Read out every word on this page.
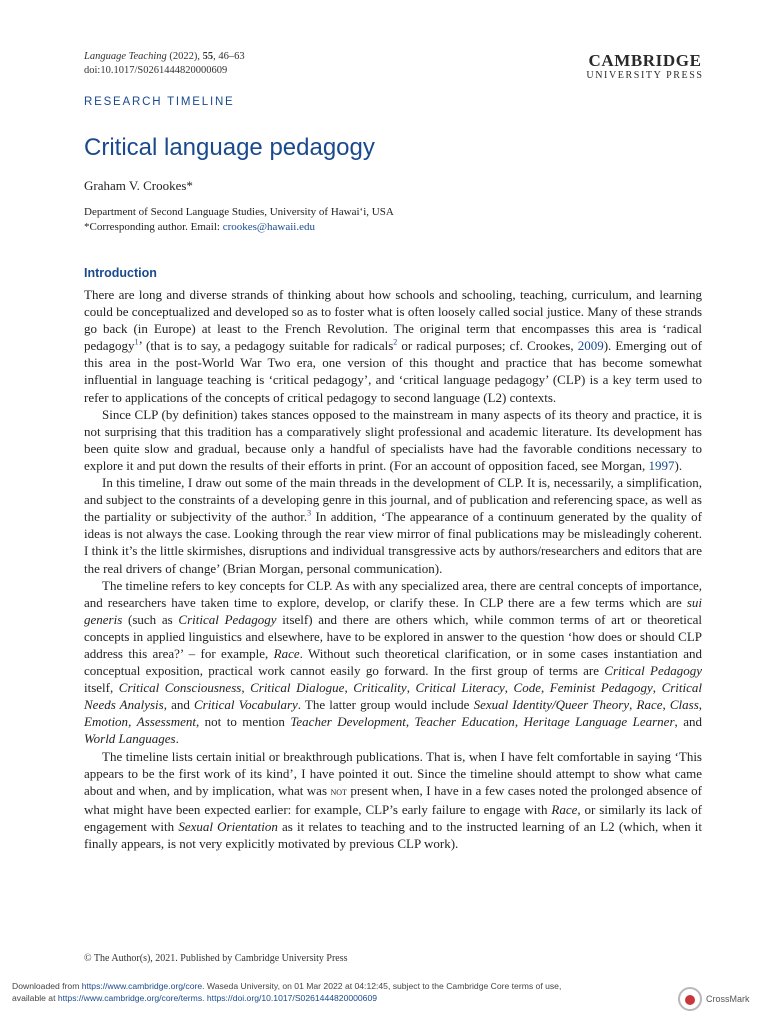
Language Teaching (2022), 55, 46–63
doi:10.1017/S0261444820000609
CAMBRIDGE
UNIVERSITY PRESS
RESEARCH TIMELINE
Critical language pedagogy
Graham V. Crookes*
Department of Second Language Studies, University of Hawai‘i, USA
*Corresponding author. Email: crookes@hawaii.edu
Introduction

There are long and diverse strands of thinking about how schools and schooling, teaching, curriculum, and learning could be conceptualized and developed so as to foster what is often loosely called social justice. Many of these strands go back (in Europe) at least to the French Revolution. The original term that encompasses this area is ‘radical pedagogy$^1$’ (that is to say, a pedagogy suitable for radicals$^2$ or radical purposes; cf. Crookes, 2009). Emerging out of this area in the post-World War Two era, one version of this thought and practice that has become somewhat influential in language teaching is ‘critical pedagogy’, and ‘critical language pedagogy’ (CLP) is a key term used to refer to applications of the concepts of critical pedagogy to second language (L2) contexts.

Since CLP (by definition) takes stances opposed to the mainstream in many aspects of its theory and practice, it is not surprising that this tradition has a comparatively slight professional and academic literature. Its development has been quite slow and gradual, because only a handful of specialists have had the favorable conditions necessary to explore it and put down the results of their efforts in print. (For an account of opposition faced, see Morgan, 1997).

In this timeline, I draw out some of the main threads in the development of CLP. It is, necessarily, a simplification, and subject to the constraints of a developing genre in this journal, and of publication and referencing space, as well as the partiality or subjectivity of the author.$^3$ In addition, ‘The appearance of a continuum generated by the quality of ideas is not always the case. Looking through the rear view mirror of final publications may be misleadingly coherent. I think it’s the little skirmishes, disruptions and individual transgressive acts by authors/researchers and editors that are the real drivers of change’ (Brian Morgan, personal communication).

The timeline refers to key concepts for CLP. As with any specialized area, there are central concepts of importance, and researchers have taken time to explore, develop, or clarify these. In CLP there are a few terms which are sui generis (such as Critical Pedagogy itself) and there are others which, while common terms of art or theoretical concepts in applied linguistics and elsewhere, have to be explored in answer to the question ‘how does or should CLP address this area?’ – for example, Race. Without such theoretical clarification, or in some cases instantiation and conceptual exposition, practical work cannot easily go forward. In the first group of terms are Critical Pedagogy itself, Critical Consciousness, Critical Dialogue, Criticality, Critical Literacy, Code, Feminist Pedagogy, Critical Needs Analysis, and Critical Vocabulary. The latter group would include Sexual Identity/Queer Theory, Race, Class, Emotion, Assessment, not to mention Teacher Development, Teacher Education, Heritage Language Learner, and World Languages.

The timeline lists certain initial or breakthrough publications. That is, when I have felt comfortable in saying ‘This appears to be the first work of its kind’, I have pointed it out. Since the timeline should attempt to show what came about and when, and by implication, what was not present when, I have in a few cases noted the prolonged absence of what might have been expected earlier: for example, CLP’s early failure to engage with Race, or similarly its lack of engagement with Sexual Orientation as it relates to teaching and to the instructed learning of an L2 (which, when it finally appears, is not very explicitly motivated by previous CLP work).

© The Author(s), 2021. Published by Cambridge University Press
Downloaded from https://www.cambridge.org/core. Waseda University, on 01 Mar 2022 at 04:12:45, subject to the Cambridge Core terms of use,
available at https://www.cambridge.org/core/terms. https://doi.org/10.1017/S0261444820000609	CrossMark
